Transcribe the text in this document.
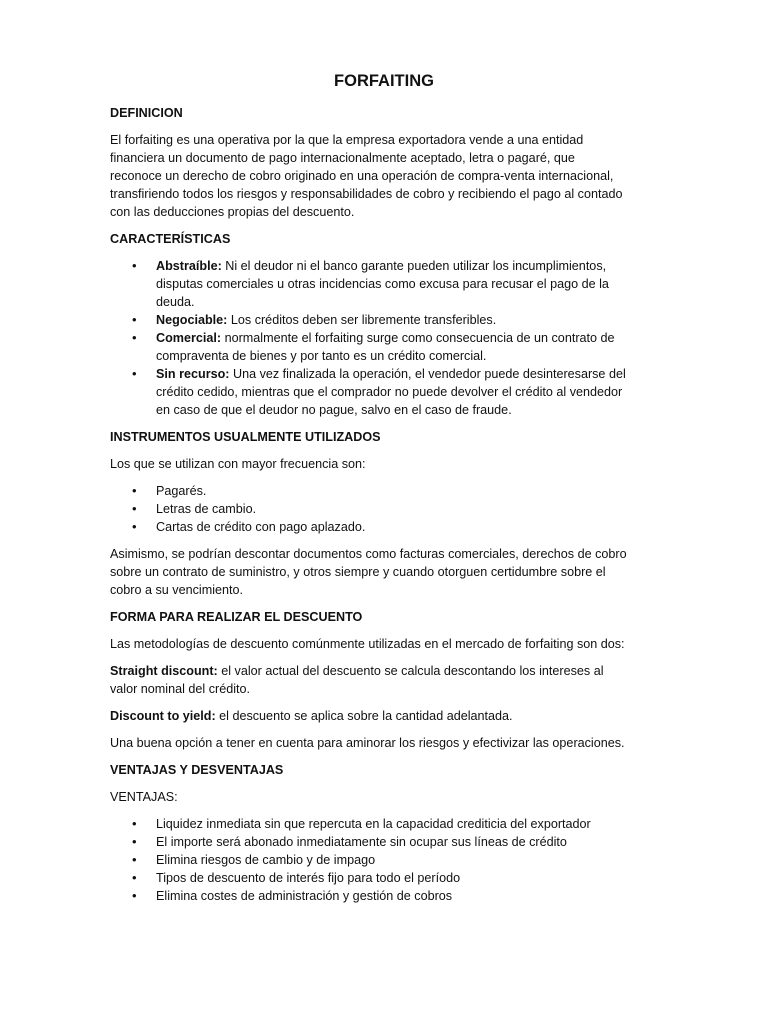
FORFAITING
DEFINICION

El forfaiting es una operativa por la que la empresa exportadora vende a una entidad financiera un documento de pago internacionalmente aceptado, letra o pagaré, que reconoce un derecho de cobro originado en una operación de compra-venta internacional, transfiriendo todos los riesgos y responsabilidades de cobro y recibiendo el pago al contado con las deducciones propias del descuento.

CARACTERÍSTICAS
• Abstraíble: Ni el deudor ni el banco garante pueden utilizar los incumplimientos, disputas comerciales u otras incidencias como excusa para recusar el pago de la deuda.
• Negociable: Los créditos deben ser libremente transferibles.
• Comercial: normalmente el forfaiting surge como consecuencia de un contrato de compraventa de bienes y por tanto es un crédito comercial.
• Sin recurso: Una vez finalizada la operación, el vendedor puede desinteresarse del crédito cedido, mientras que el comprador no puede devolver el crédito al vendedor en caso de que el deudor no pague, salvo en el caso de fraude.
INSTRUMENTOS USUALMENTE UTILIZADOS

Los que se utilizan con mayor frecuencia son:

• Pagarés.
• Letras de cambio.
• Cartas de crédito con pago aplazado.

Asimismo, se podrían descontar documentos como facturas comerciales, derechos de cobro sobre un contrato de suministro, y otros siempre y cuando otorguen certidumbre sobre el cobro a su vencimiento.

FORMA PARA REALIZAR EL DESCUENTO

Las metodologías de descuento comúnmente utilizadas en el mercado de forfaiting son dos:

Straight discount: el valor actual del descuento se calcula descontando los intereses al valor nominal del crédito.

Discount to yield: el descuento se aplica sobre la cantidad adelantada.

Una buena opción a tener en cuenta para aminorar los riesgos y efectivizar las operaciones.

VENTAJAS Y DESVENTAJAS

VENTAJAS:

• Liquidez inmediata sin que repercuta en la capacidad crediticia del exportador
• El importe será abonado inmediatamente sin ocupar sus líneas de crédito
• Elimina riesgos de cambio y de impago
• Tipos de descuento de interés fijo para todo el período
• Elimina costes de administración y gestión de cobros
